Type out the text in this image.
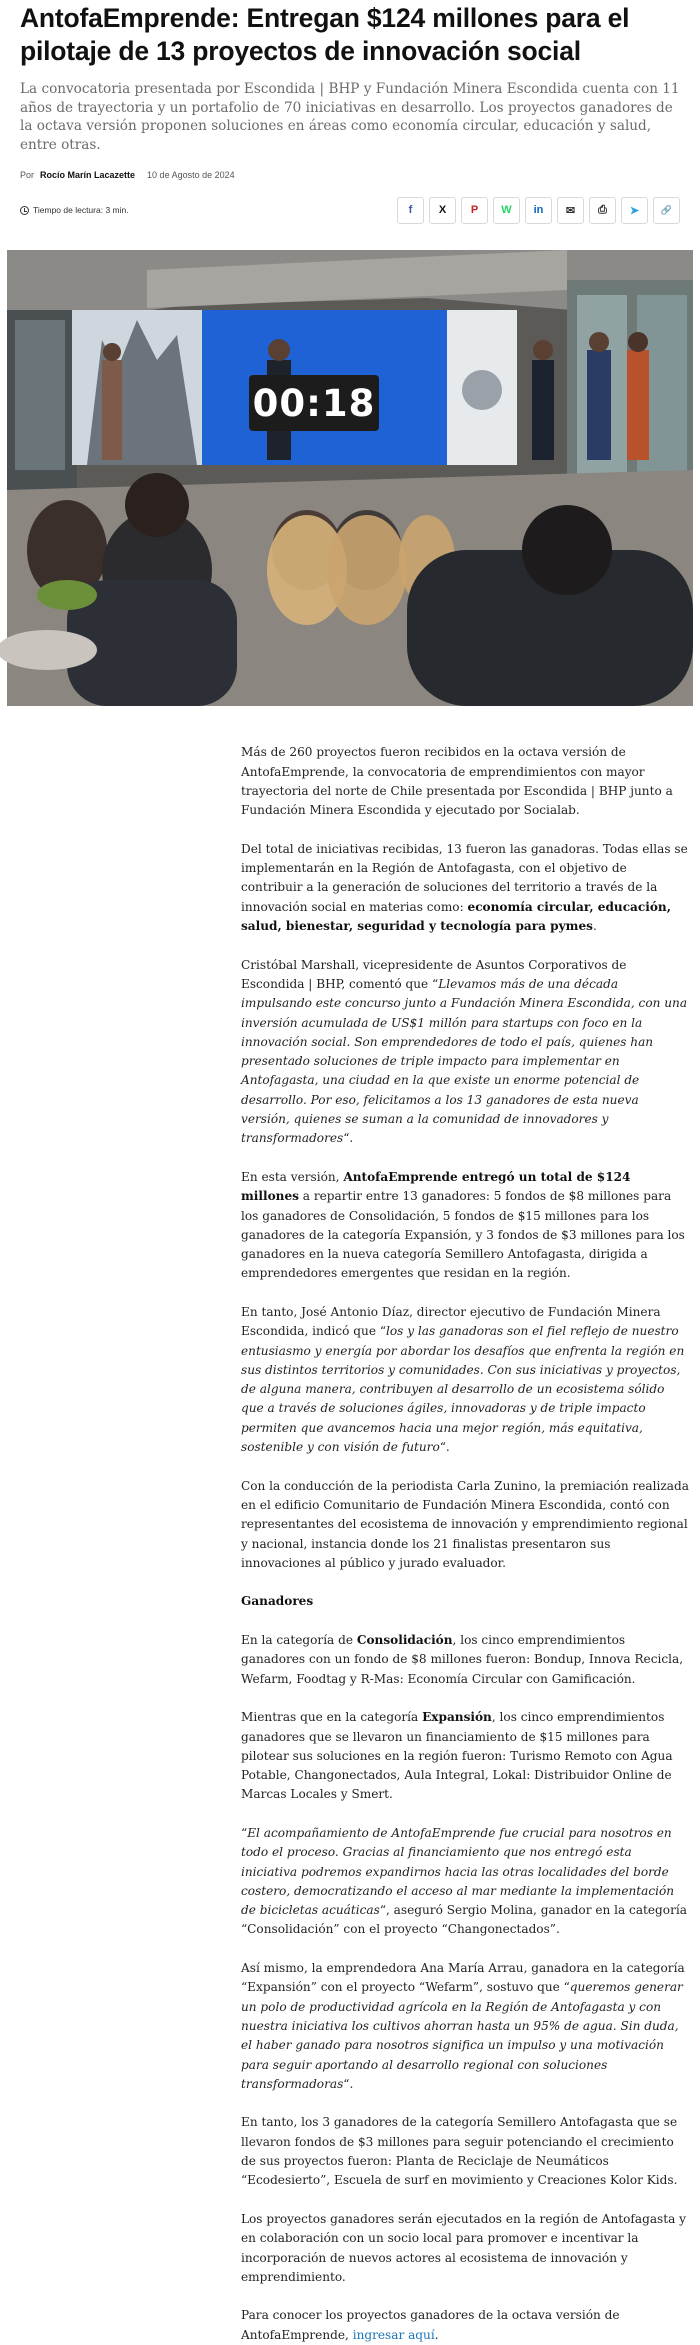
AntofaEmprende: Entregan $124 millones para el pilotaje de 13 proyectos de innovación social

La convocatoria presentada por Escondida | BHP y Fundación Minera Escondida cuenta con 11 años de trayectoria y un portafolio de 70 iniciativas en desarrollo. Los proyectos ganadores de la octava versión proponen soluciones en áreas como economía circular, educación y salud, entre otras.

Por Rocío Marín Lacazette 10 de Agosto de 2024
Tiempo de lectura: 3 min.	f	X	P	W	in	✉	⎙	➤	🔗
00:18

Más de 260 proyectos fueron recibidos en la octava versión de AntofaEmprende, la convocatoria de emprendimientos con mayor trayectoria del norte de Chile presentada por Escondida | BHP junto a Fundación Minera Escondida y ejecutado por Socialab.

Del total de iniciativas recibidas, 13 fueron las ganadoras. Todas ellas se implementarán en la Región de Antofagasta, con el objetivo de contribuir a la generación de soluciones del territorio a través de la innovación social en materias como: economía circular, educación, salud, bienestar, seguridad y tecnología para pymes.

Cristóbal Marshall, vicepresidente de Asuntos Corporativos de Escondida | BHP, comentó que “Llevamos más de una década impulsando este concurso junto a Fundación Minera Escondida, con una inversión acumulada de US$1 millón para startups con foco en la innovación social. Son emprendedores de todo el país, quienes han presentado soluciones de triple impacto para implementar en Antofagasta, una ciudad en la que existe un enorme potencial de desarrollo. Por eso, felicitamos a los 13 ganadores de esta nueva versión, quienes se suman a la comunidad de innovadores y transformadores“.

En esta versión, AntofaEmprende entregó un total de $124 millones a repartir entre 13 ganadores: 5 fondos de $8 millones para los ganadores de Consolidación, 5 fondos de $15 millones para los ganadores de la categoría Expansión, y 3 fondos de $3 millones para los ganadores en la nueva categoría Semillero Antofagasta, dirigida a emprendedores emergentes que residan en la región.

En tanto, José Antonio Díaz, director ejecutivo de Fundación Minera Escondida, indicó que “los y las ganadoras son el fiel reflejo de nuestro entusiasmo y energía por abordar los desafíos que enfrenta la región en sus distintos territorios y comunidades. Con sus iniciativas y proyectos, de alguna manera, contribuyen al desarrollo de un ecosistema sólido que a través de soluciones ágiles, innovadoras y de triple impacto permiten que avancemos hacia una mejor región, más equitativa, sostenible y con visión de futuro“.

Con la conducción de la periodista Carla Zunino, la premiación realizada en el edificio Comunitario de Fundación Minera Escondida, contó con representantes del ecosistema de innovación y emprendimiento regional y nacional, instancia donde los 21 finalistas presentaron sus innovaciones al público y jurado evaluador.

Ganadores

En la categoría de Consolidación, los cinco emprendimientos ganadores con un fondo de $8 millones fueron: Bondup, Innova Recicla, Wefarm, Foodtag y R-Mas: Economía Circular con Gamificación.

Mientras que en la categoría Expansión, los cinco emprendimientos ganadores que se llevaron un financiamiento de $15 millones para pilotear sus soluciones en la región fueron: Turismo Remoto con Agua Potable, Changonectados, Aula Integral, Lokal: Distribuidor Online de Marcas Locales y Smert.

“El acompañamiento de AntofaEmprende fue crucial para nosotros en todo el proceso. Gracias al financiamiento que nos entregó esta iniciativa podremos expandirnos hacia las otras localidades del borde costero, democratizando el acceso al mar mediante la implementación de bicicletas acuáticas“, aseguró Sergio Molina, ganador en la categoría “Consolidación” con el proyecto “Changonectados”.

Así mismo, la emprendedora Ana María Arrau, ganadora en la categoría “Expansión” con el proyecto “Wefarm”, sostuvo que “queremos generar un polo de productividad agrícola en la Región de Antofagasta y con nuestra iniciativa los cultivos ahorran hasta un 95% de agua. Sin duda, el haber ganado para nosotros significa un impulso y una motivación para seguir aportando al desarrollo regional con soluciones transformadoras“.

En tanto, los 3 ganadores de la categoría Semillero Antofagasta que se llevaron fondos de $3 millones para seguir potenciando el crecimiento de sus proyectos fueron: Planta de Reciclaje de Neumáticos “Ecodesierto”, Escuela de surf en movimiento y Creaciones Kolor Kids.

Los proyectos ganadores serán ejecutados en la región de Antofagasta y en colaboración con un socio local para promover e incentivar la incorporación de nuevos actores al ecosistema de innovación y emprendimiento.

Para conocer los proyectos ganadores de la octava versión de AntofaEmprende, ingresar aquí.
